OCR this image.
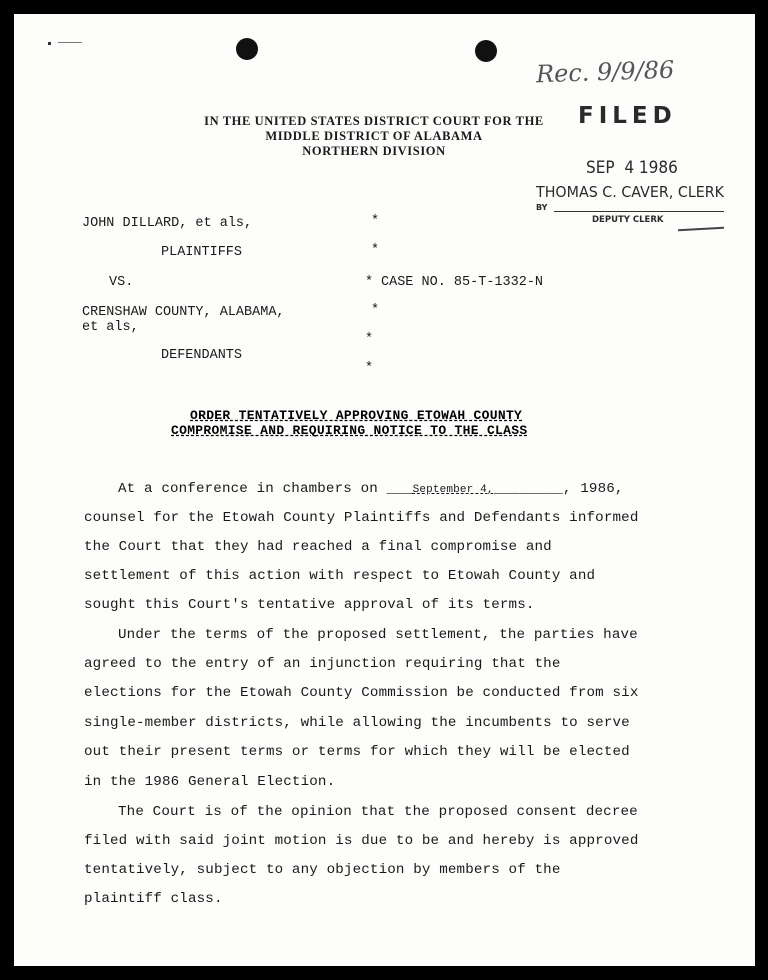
Rec. 9/9/86
IN THE UNITED STATES DISTRICT COURT FOR THE
MIDDLE DISTRICT OF ALABAMA
NORTHERN DIVISION
FILED
SEP  4 1986
THOMAS C. CAVER, CLERK
BY
DEPUTY CLERK
JOHN DILLARD, et als,	*
PLAINTIFFS	*
VS.	* CASE NO. 85-T-1332-N
CRENSHAW COUNTY, ALABAMA,	*
et als,
*
DEFENDANTS
*
ORDER TENTATIVELY APPROVING ETOWAH COUNTY
COMPROMISE AND REQUIRING NOTICE TO THE CLASS
At a conference in chambers on ___September 4,________, 1986,
counsel for the Etowah County Plaintiffs and Defendants informed
the Court that they had reached a final compromise and
settlement of this action with respect to Etowah County and
sought this Court's tentative approval of its terms.
Under the terms of the proposed settlement, the parties have
agreed to the entry of an injunction requiring that the
elections for the Etowah County Commission be conducted from six
single-member districts, while allowing the incumbents to serve
out their present terms or terms for which they will be elected
in the 1986 General Election.
The Court is of the opinion that the proposed consent decree
filed with said joint motion is due to be and hereby is approved
tentatively, subject to any objection by members of the
plaintiff class.
